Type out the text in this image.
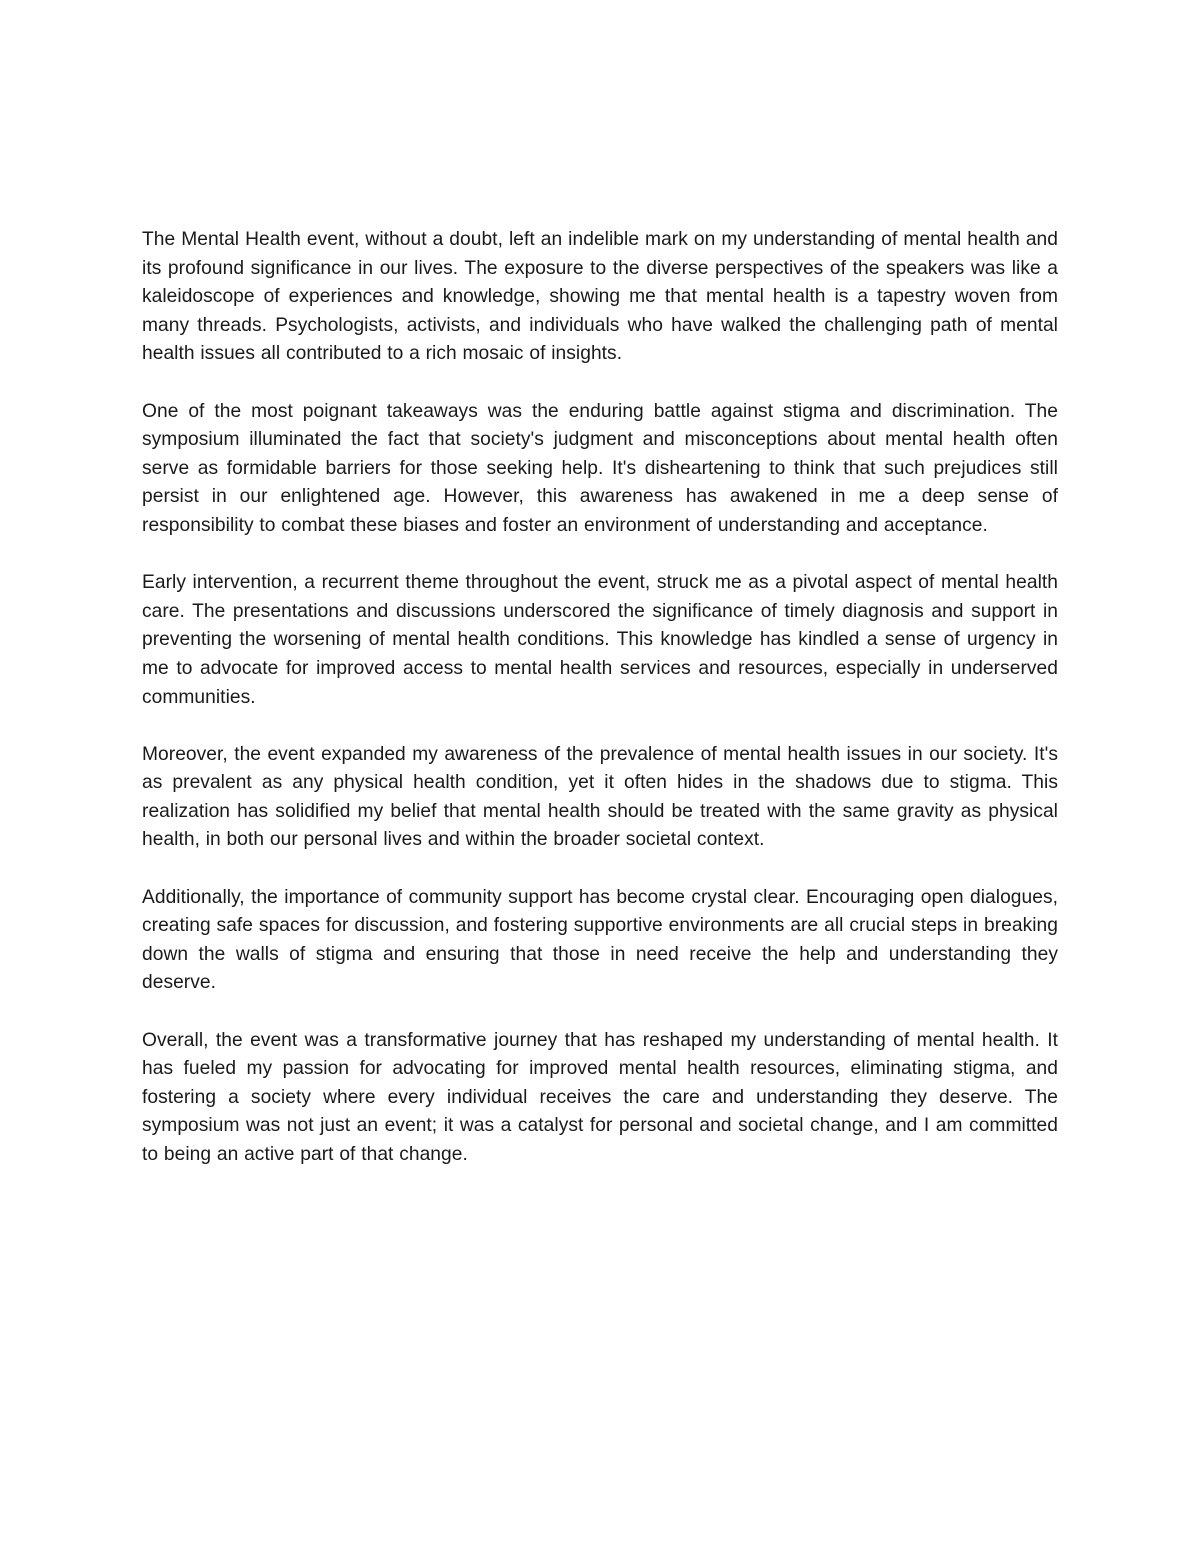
The Mental Health event, without a doubt, left an indelible mark on my understanding of mental health and its profound significance in our lives. The exposure to the diverse perspectives of the speakers was like a kaleidoscope of experiences and knowledge, showing me that mental health is a tapestry woven from many threads. Psychologists, activists, and individuals who have walked the challenging path of mental health issues all contributed to a rich mosaic of insights.

One of the most poignant takeaways was the enduring battle against stigma and discrimination. The symposium illuminated the fact that society's judgment and misconceptions about mental health often serve as formidable barriers for those seeking help. It's disheartening to think that such prejudices still persist in our enlightened age. However, this awareness has awakened in me a deep sense of responsibility to combat these biases and foster an environment of understanding and acceptance.

Early intervention, a recurrent theme throughout the event, struck me as a pivotal aspect of mental health care. The presentations and discussions underscored the significance of timely diagnosis and support in preventing the worsening of mental health conditions. This knowledge has kindled a sense of urgency in me to advocate for improved access to mental health services and resources, especially in underserved communities.

Moreover, the event expanded my awareness of the prevalence of mental health issues in our society. It's as prevalent as any physical health condition, yet it often hides in the shadows due to stigma. This realization has solidified my belief that mental health should be treated with the same gravity as physical health, in both our personal lives and within the broader societal context.

Additionally, the importance of community support has become crystal clear. Encouraging open dialogues, creating safe spaces for discussion, and fostering supportive environments are all crucial steps in breaking down the walls of stigma and ensuring that those in need receive the help and understanding they deserve.

Overall, the event was a transformative journey that has reshaped my understanding of mental health. It has fueled my passion for advocating for improved mental health resources, eliminating stigma, and fostering a society where every individual receives the care and understanding they deserve. The symposium was not just an event; it was a catalyst for personal and societal change, and I am committed to being an active part of that change.
